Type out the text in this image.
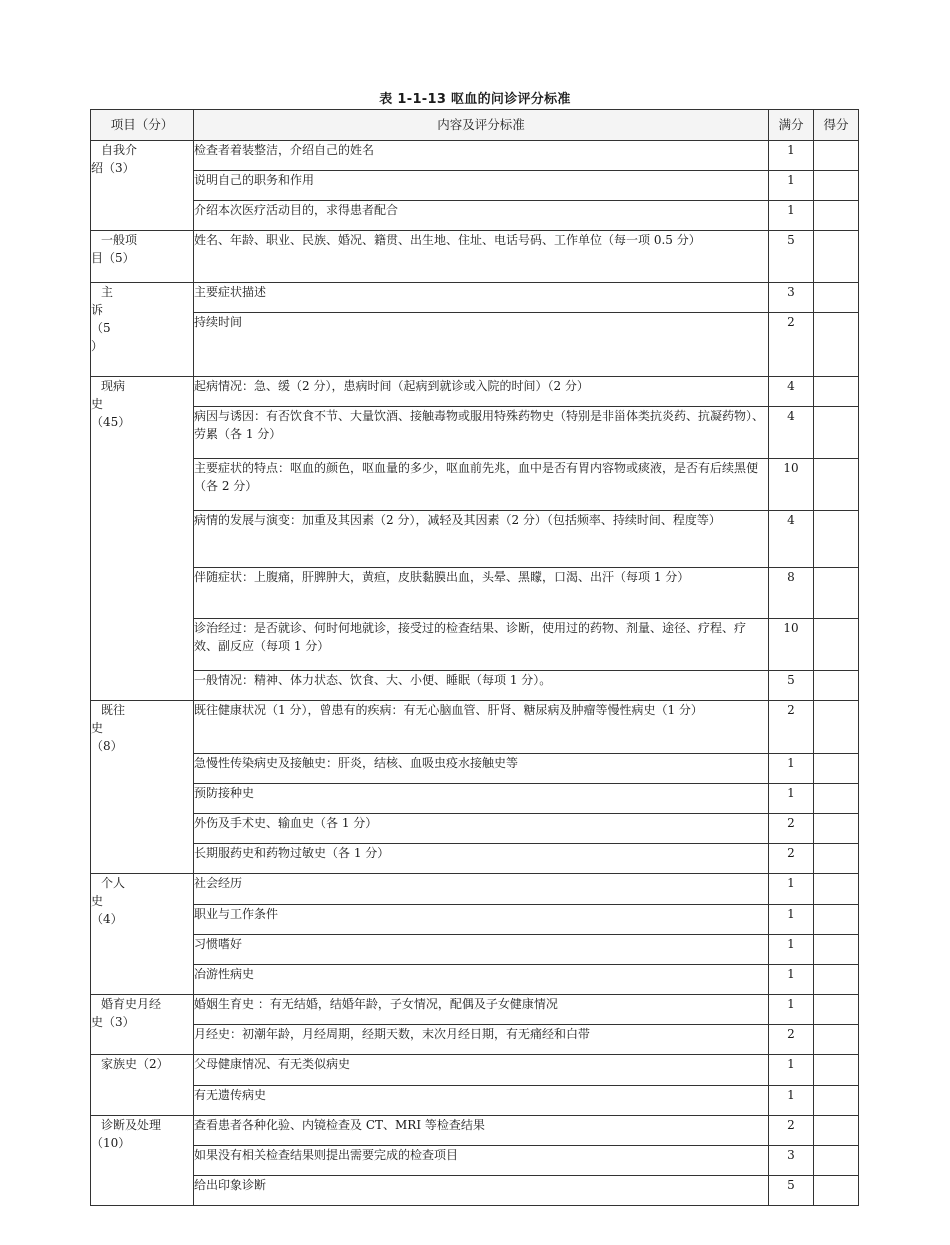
表 1-1-13 呕血的问诊评分标准
项目（分）	内容及评分标准	满分	得分

自我介
绍（3）	检查者着装整洁，介绍自己的姓名	1	

	说明自己的职务和作用	1	

	介绍本次医疗活动目的，求得患者配合	1	

一般项
目（5）	姓名、年龄、职业、民族、婚况、籍贯、出生地、住址、电话号码、工作单位（每一项 0.5 分）	5	

主
诉
（5
）	主要症状描述	3	

	持续时间	2	

现病
史
（45）	起病情况：急、缓（2 分），患病时间（起病到就诊或入院的时间）（2 分）	4	

	病因与诱因：有否饮食不节、大量饮酒、接触毒物或服用特殊药物史（特别是非甾体类抗炎药、抗凝药物）、劳累（各 1 分）	4	

	主要症状的特点：呕血的颜色，呕血量的多少，呕血前先兆，血中是否有胃内容物或痰液，是否有后续黑便（各 2 分）	10	

	病情的发展与演变：加重及其因素（2 分），减轻及其因素（2 分）（包括频率、持续时间、程度等）	4	

	伴随症状：上腹痛，肝脾肿大，黄疸，皮肤黏膜出血，头晕、黑矇，口渴、出汗（每项 1 分）	8	

	诊治经过：是否就诊、何时何地就诊，接受过的检查结果、诊断，使用过的药物、剂量、途径、疗程、疗效、副反应（每项 1 分）	10	

	一般情况：精神、体力状态、饮食、大、小便、睡眠（每项 1 分）。	5	

既往
史
（8）	既往健康状况（1 分），曾患有的疾病：有无心脑血管、肝肾、糖尿病及肿瘤等慢性病史（1 分）	2	

	急慢性传染病史及接触史：肝炎，结核、血吸虫疫水接触史等	1	

	预防接种史	1	

	外伤及手术史、输血史（各 1 分）	2	

	长期服药史和药物过敏史（各 1 分）	2	

个人
史
（4）	社会经历	1	

	职业与工作条件	1	

	习惯嗜好	1	

	冶游性病史	1	

婚育史月经
史（3）	婚姻生育史 ：有无结婚，结婚年龄，子女情况，配偶及子女健康情况	1	

	月经史：初潮年龄，月经周期，经期天数，末次月经日期，有无痛经和白带	2	

家族史（2）	父母健康情况、有无类似病史	1	

	有无遗传病史	1	

诊断及处理
（10）	查看患者各种化验、内镜检查及 CT、MRI 等检查结果	2	

	如果没有相关检查结果则提出需要完成的检查项目	3	

	给出印象诊断	5	
